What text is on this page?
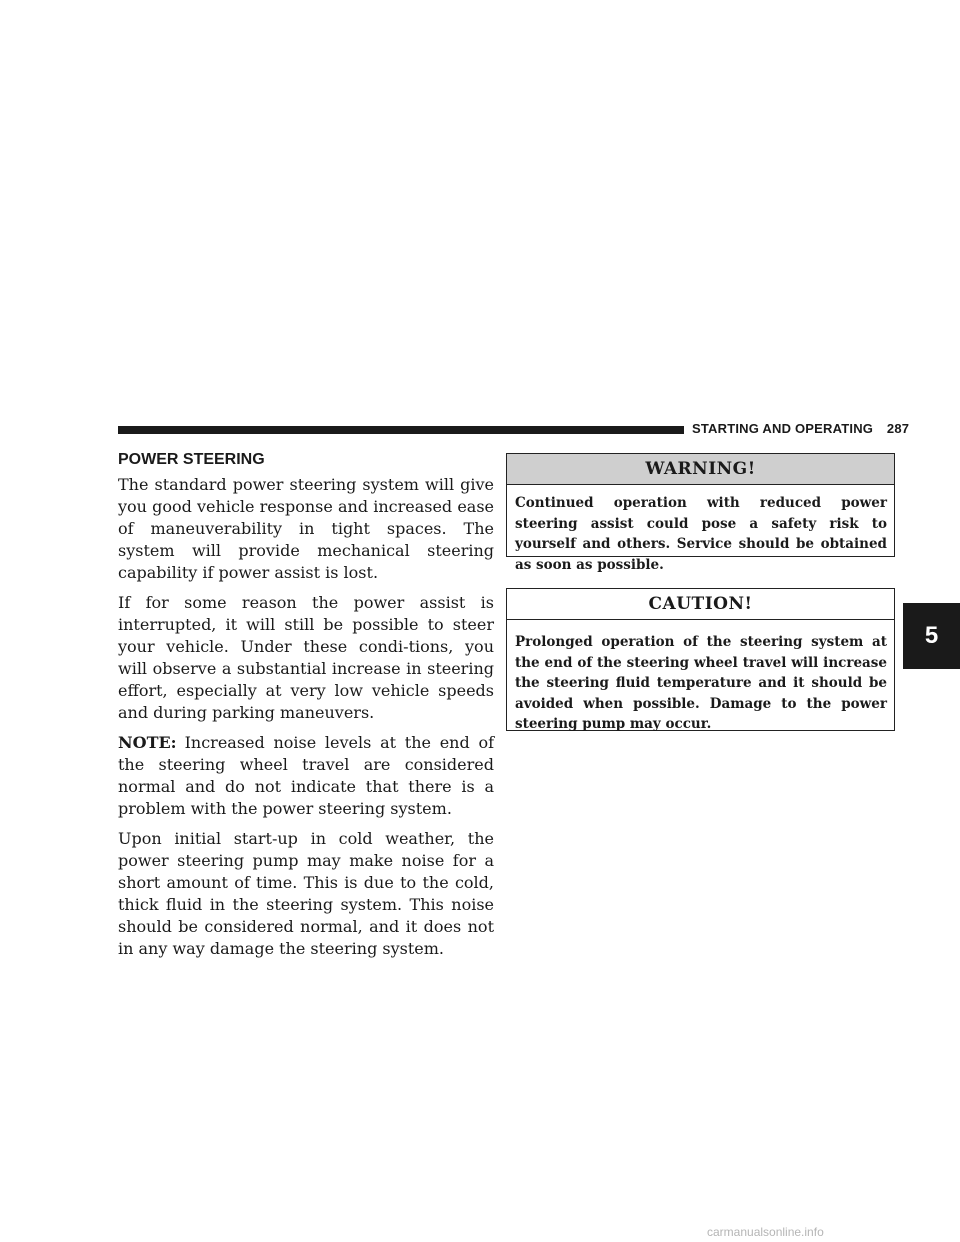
STARTING AND OPERATING 287
POWER STEERING

The standard power steering system will give you good vehicle response and increased ease of maneuverability in tight spaces. The system will provide mechanical steering capability if power assist is lost.

If for some reason the power assist is interrupted, it will still be possible to steer your vehicle. Under these condi-tions, you will observe a substantial increase in steering effort, especially at very low vehicle speeds and during parking maneuvers.

NOTE: Increased noise levels at the end of the steering wheel travel are considered normal and do not indicate that there is a problem with the power steering system.

Upon initial start-up in cold weather, the power steering pump may make noise for a short amount of time. This is due to the cold, thick fluid in the steering system. This noise should be considered normal, and it does not in any way damage the steering system.

WARNING!
Continued operation with reduced power steering assist could pose a safety risk to yourself and others. Service should be obtained as soon as possible.
CAUTION!
Prolonged operation of the steering system at the end of the steering wheel travel will increase the steering fluid temperature and it should be avoided when possible. Damage to the power steering pump may occur.
5
carmanualsonline.info
